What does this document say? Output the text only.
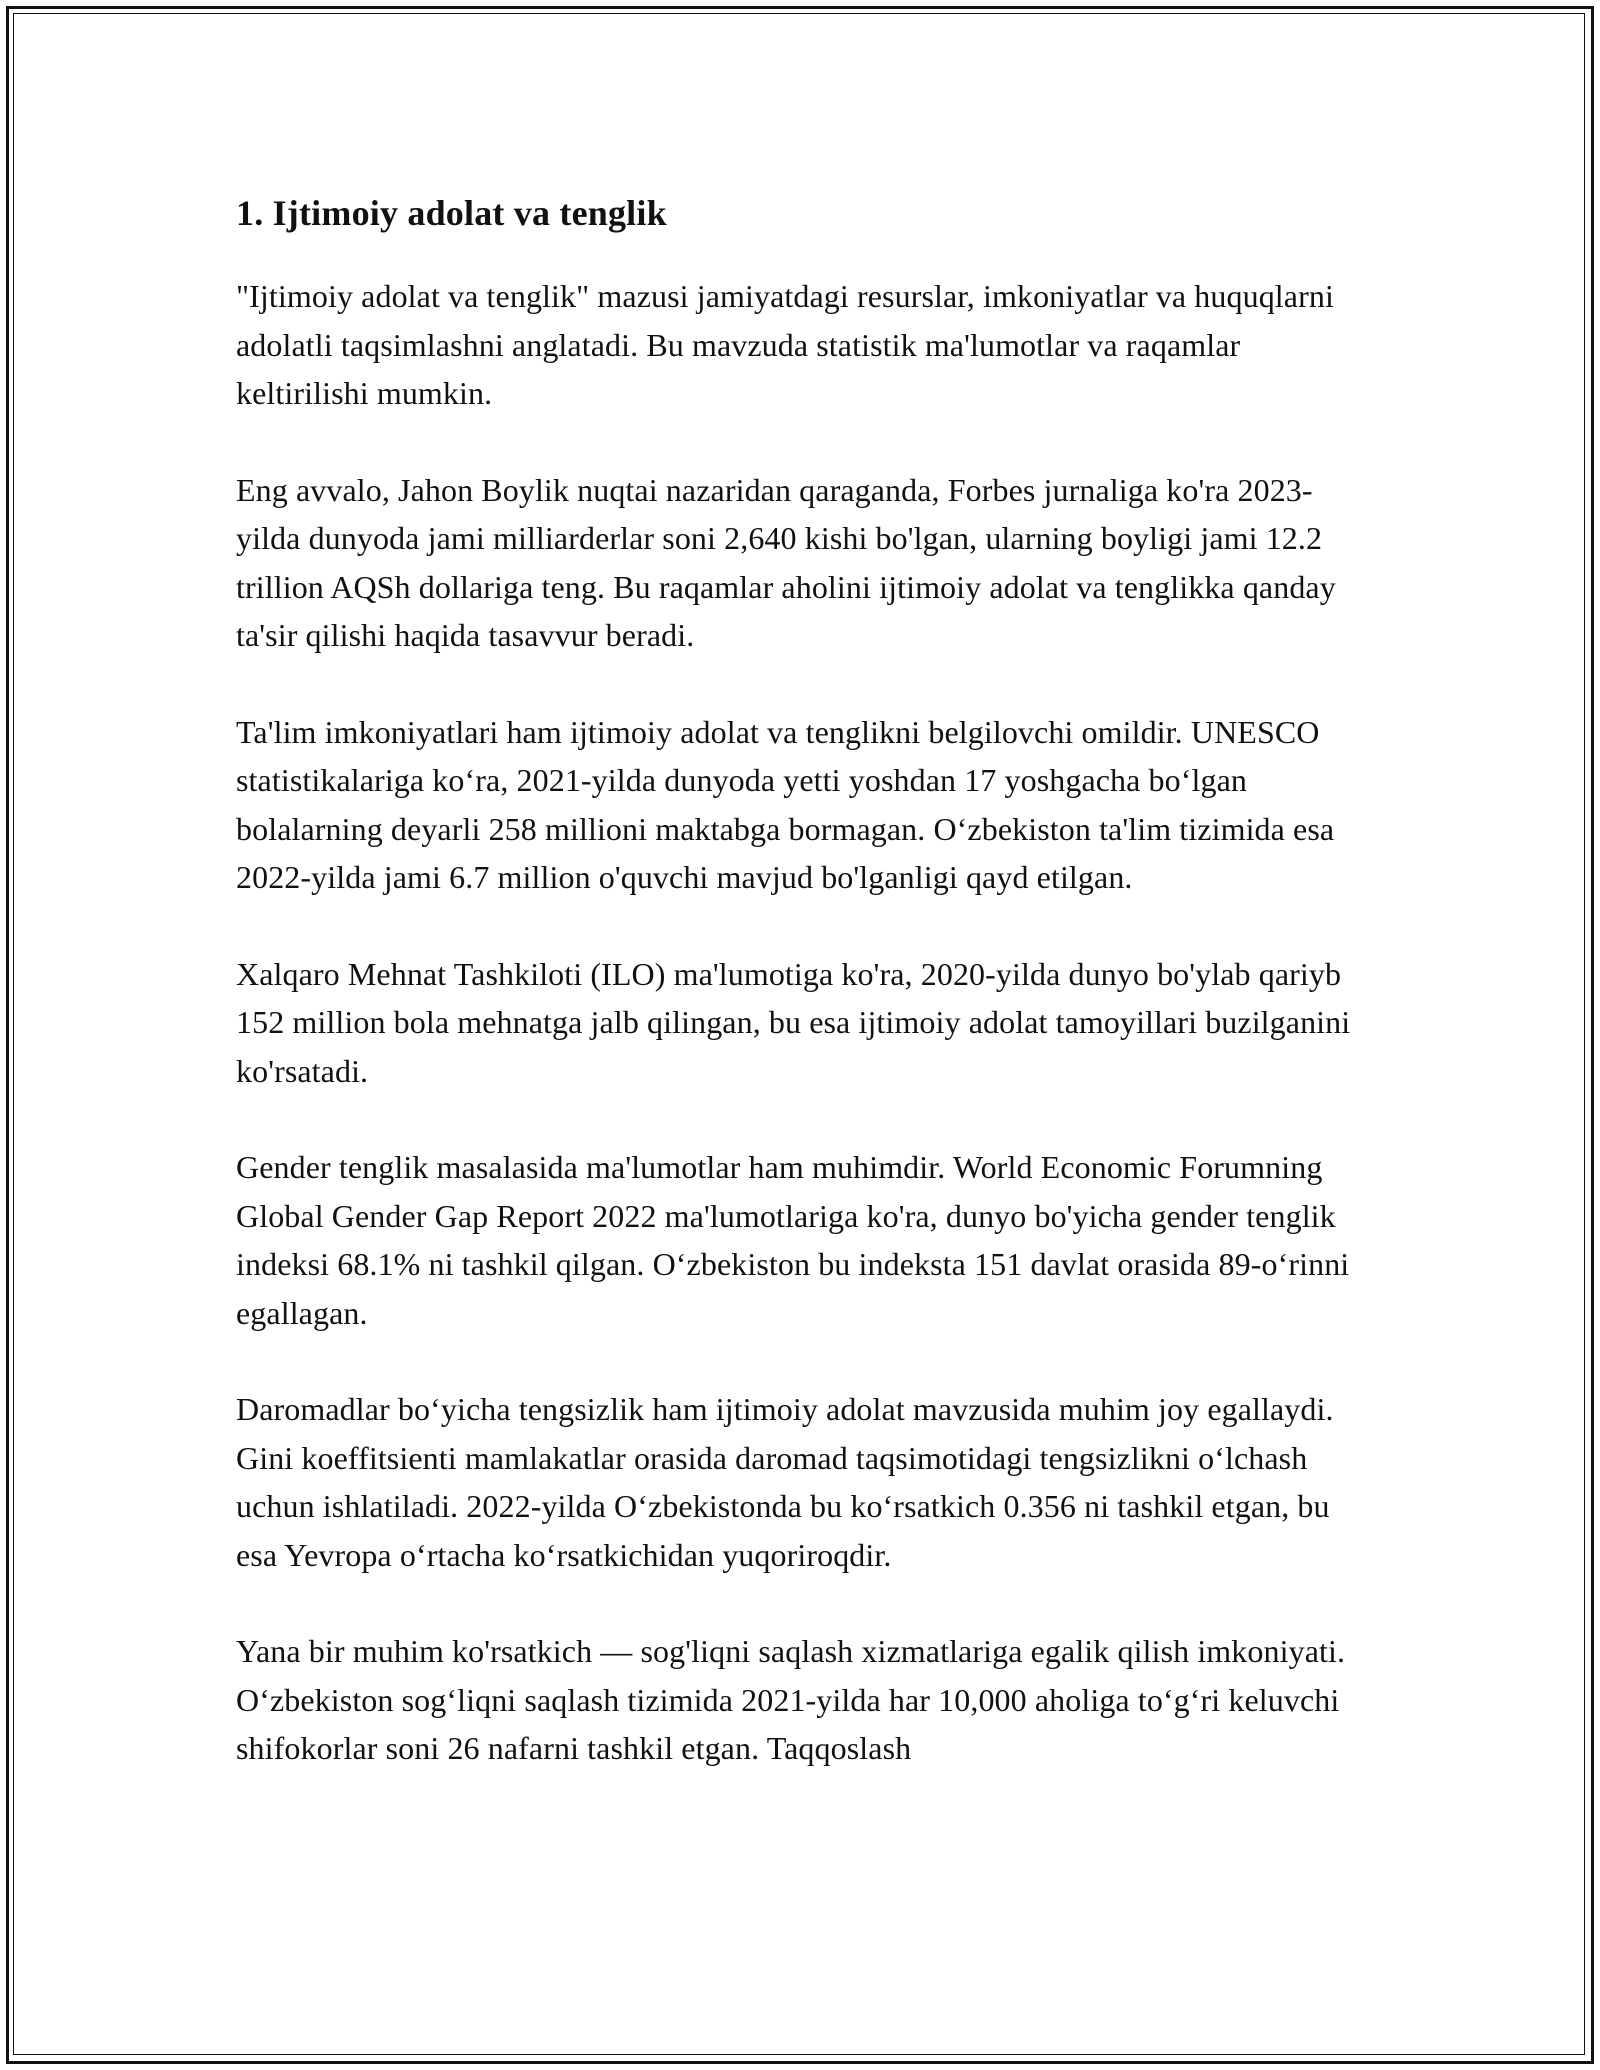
1. Ijtimoiy adolat va tenglik

"Ijtimoiy adolat va tenglik" mazusi jamiyatdagi resurslar, imkoniyatlar va huquqlarni adolatli taqsimlashni anglatadi. Bu mavzuda statistik ma'lumotlar va raqamlar keltirilishi mumkin.

Eng avvalo, Jahon Boylik nuqtai nazaridan qaraganda, Forbes jurnaliga ko'ra 2023-yilda dunyoda jami milliarderlar soni 2,640 kishi bo'lgan, ularning boyligi jami 12.2 trillion AQSh dollariga teng. Bu raqamlar aholini ijtimoiy adolat va tenglikka qanday ta'sir qilishi haqida tasavvur beradi.

Ta'lim imkoniyatlari ham ijtimoiy adolat va tenglikni belgilovchi omildir. UNESCO statistikalariga ko‘ra, 2021-yilda dunyoda yetti yoshdan 17 yoshgacha bo‘lgan bolalarning deyarli 258 millioni maktabga bormagan. O‘zbekiston ta'lim tizimida esa 2022-yilda jami 6.7 million o'quvchi mavjud bo'lganligi qayd etilgan.

Xalqaro Mehnat Tashkiloti (ILO) ma'lumotiga ko'ra, 2020-yilda dunyo bo'ylab qariyb 152 million bola mehnatga jalb qilingan, bu esa ijtimoiy adolat tamoyillari buzilganini ko'rsatadi.

Gender tenglik masalasida ma'lumotlar ham muhimdir. World Economic Forumning Global Gender Gap Report 2022 ma'lumotlariga ko'ra, dunyo bo'yicha gender tenglik indeksi 68.1% ni tashkil qilgan. O‘zbekiston bu indeksta 151 davlat orasida 89-o‘rinni egallagan.

Daromadlar bo‘yicha tengsizlik ham ijtimoiy adolat mavzusida muhim joy egallaydi. Gini koeffitsienti mamlakatlar orasida daromad taqsimotidagi tengsizlikni o‘lchash uchun ishlatiladi. 2022-yilda O‘zbekistonda bu ko‘rsatkich 0.356 ni tashkil etgan, bu esa Yevropa o‘rtacha ko‘rsatkichidan yuqoriroqdir.

Yana bir muhim ko'rsatkich — sog'liqni saqlash xizmatlariga egalik qilish imkoniyati. O‘zbekiston sog‘liqni saqlash tizimida 2021-yilda har 10,000 aholiga to‘g‘ri keluvchi shifokorlar soni 26 nafarni tashkil etgan. Taqqoslash
